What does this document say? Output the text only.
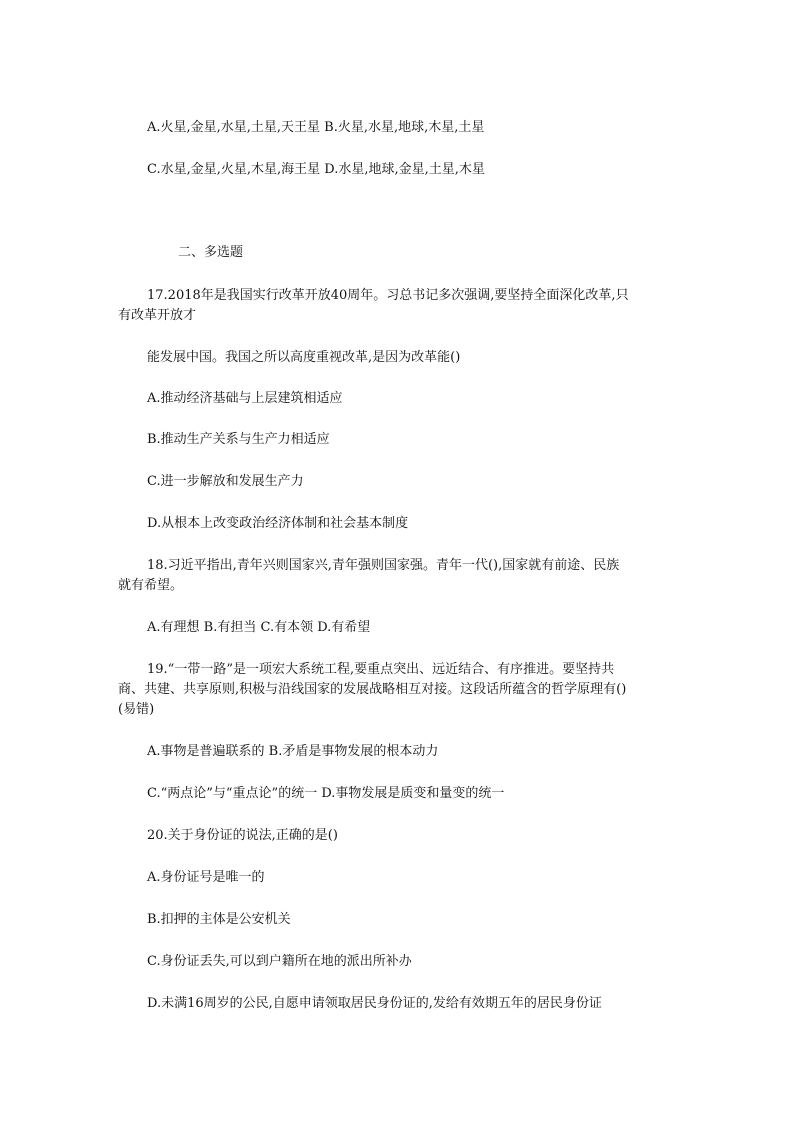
A.火星,金星,水星,土星,天王星 B.火星,水星,地球,木星,土星
C.水星,金星,火星,木星,海王星 D.水星,地球,金星,土星,木星
二、多选题
17.2018年是我国实行改革开放40周年。习总书记多次强调,要坚持全面深化改革,只
有改革开放才
能发展中国。我国之所以高度重视改革,是因为改革能()
A.推动经济基础与上层建筑相适应
B.推动生产关系与生产力相适应
C.进一步解放和发展生产力
D.从根本上改变政治经济体制和社会基本制度
18.习近平指出,青年兴则国家兴,青年强则国家强。青年一代(),国家就有前途、民族
就有希望。
A.有理想 B.有担当 C.有本领 D.有希望
19.“一带一路”是一项宏大系统工程,要重点突出、远近结合、有序推进。要坚持共
商、共建、共享原则,积极与沿线国家的发展战略相互对接。这段话所蕴含的哲学原理有()
(易错)
A.事物是普遍联系的 B.矛盾是事物发展的根本动力
C.“两点论”与“重点论”的统一 D.事物发展是质变和量变的统一
20.关于身份证的说法,正确的是()
A.身份证号是唯一的
B.扣押的主体是公安机关
C.身份证丢失,可以到户籍所在地的派出所补办
D.未满16周岁的公民,自愿申请领取居民身份证的,发给有效期五年的居民身份证
